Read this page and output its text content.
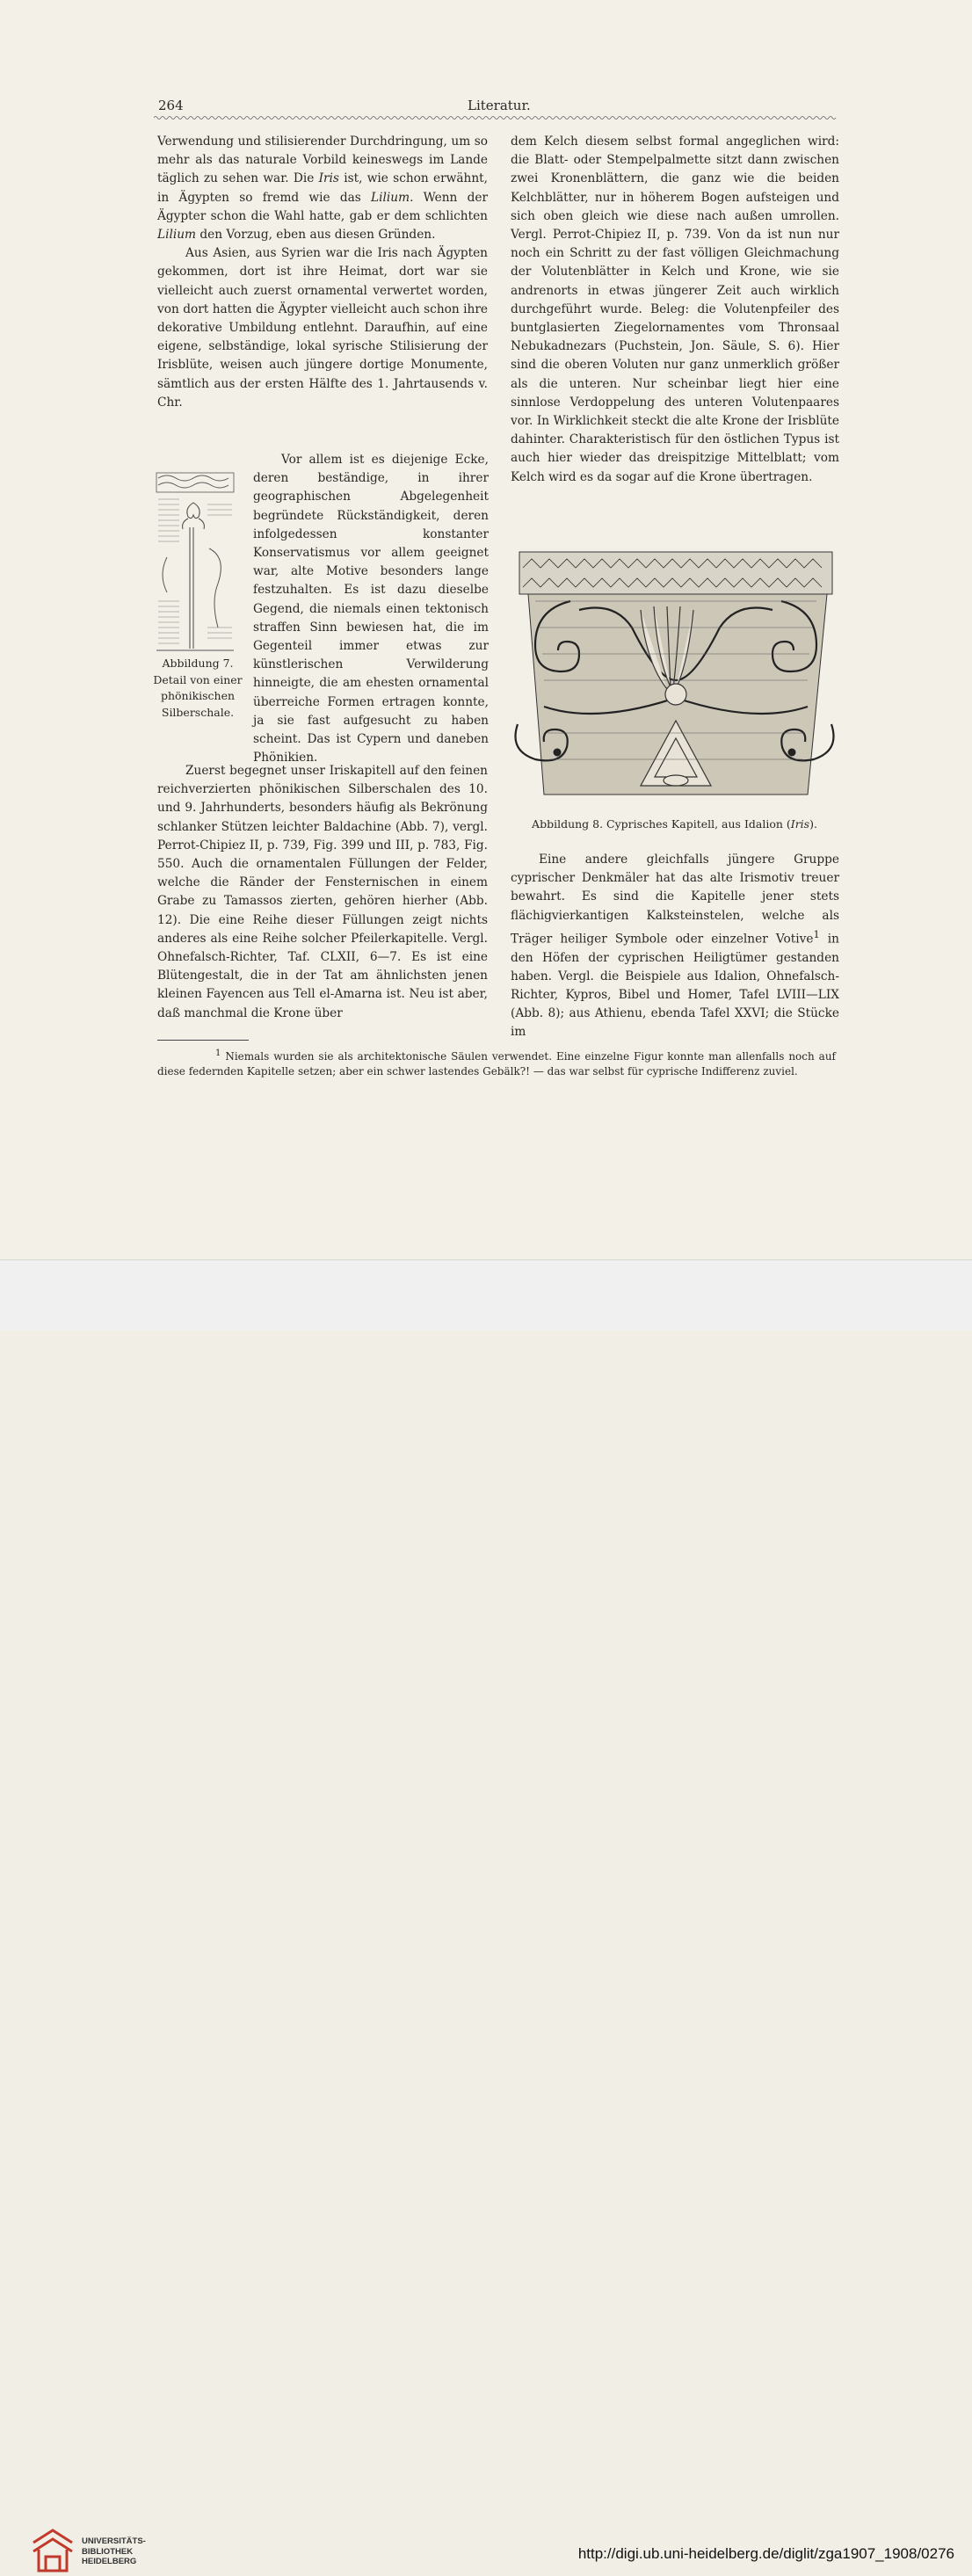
264	Literatur.

Verwendung und stilisierender Durchdringung, um so mehr als das naturale Vorbild keineswegs im Lande täglich zu sehen war. Die Iris ist, wie schon erwähnt, in Ägypten so fremd wie das Lilium. Wenn der Ägypter schon die Wahl hatte, gab er dem schlichten Lilium den Vorzug, eben aus diesen Gründen.

Aus Asien, aus Syrien war die Iris nach Ägypten gekommen, dort ist ihre Heimat, dort war sie vielleicht auch zuerst ornamental verwertet worden, von dort hatten die Ägypter vielleicht auch schon ihre dekorative Umbildung entlehnt. Daraufhin, auf eine eigene, selbständige, lokal syrische Stilisierung der Irisblüte, weisen auch jüngere dortige Monumente, sämtlich aus der ersten Hälfte des 1. Jahrtausends v. Chr.

Abbildung 7. Detail von einer phönikischen Silberschale.

Vor allem ist es diejenige Ecke, deren beständige, in ihrer geographischen Abgelegenheit begründete Rückständigkeit, deren infolgedessen konstanter Konservatismus vor allem geeignet war, alte Motive besonders lange festzuhalten. Es ist dazu dieselbe Gegend, die niemals einen tektonisch straffen Sinn bewiesen hat, die im Gegenteil immer etwas zur künstlerischen Verwilderung hinneigte, die am ehesten ornamental überreiche Formen ertragen konnte, ja sie fast aufgesucht zu haben scheint. Das ist Cypern und daneben Phönikien.

Zuerst begegnet unser Iriskapitell auf den feinen reichverzierten phönikischen Silberschalen des 10. und 9. Jahrhunderts, besonders häufig als Bekrönung schlanker Stützen leichter Baldachine (Abb. 7), vergl. Perrot-Chipiez II, p. 739, Fig. 399 und III, p. 783, Fig. 550. Auch die ornamentalen Füllungen der Felder, welche die Ränder der Fensternischen in einem Grabe zu Tamassos zierten, gehören hierher (Abb. 12). Die eine Reihe dieser Füllungen zeigt nichts anderes als eine Reihe solcher Pfeilerkapitelle. Vergl. Ohnefalsch-Richter, Taf. CLXII, 6—7. Es ist eine Blütengestalt, die in der Tat am ähnlichsten jenen kleinen Fayencen aus Tell el-Amarna ist. Neu ist aber, daß manchmal die Krone über

dem Kelch diesem selbst formal angeglichen wird: die Blatt- oder Stempelpalmette sitzt dann zwischen zwei Kronenblättern, die ganz wie die beiden Kelchblätter, nur in höherem Bogen aufsteigen und sich oben gleich wie diese nach außen umrollen. Vergl. Perrot-Chipiez II, p. 739. Von da ist nun nur noch ein Schritt zu der fast völligen Gleichmachung der Volutenblätter in Kelch und Krone, wie sie andrenorts in etwas jüngerer Zeit auch wirklich durchgeführt wurde. Beleg: die Volutenpfeiler des buntglasierten Ziegelornamentes vom Thronsaal Nebukadnezars (Puchstein, Jon. Säule, S. 6). Hier sind die oberen Voluten nur ganz unmerklich größer als die unteren. Nur scheinbar liegt hier eine sinnlose Verdoppelung des unteren Volutenpaares vor. In Wirklichkeit steckt die alte Krone der Irisblüte dahinter. Charakteristisch für den östlichen Typus ist auch hier wieder das dreispitzige Mittelblatt; vom Kelch wird es da sogar auf die Krone übertragen.

Abbildung 8. Cyprisches Kapitell, aus Idalion (Iris).

Eine andere gleichfalls jüngere Gruppe cyprischer Denkmäler hat das alte Irismotiv treuer bewahrt. Es sind die Kapitelle jener stets flächigvierkantigen Kalksteinstelen, welche als Träger heiliger Symbole oder einzelner Votive$^1$ in den Höfen der cyprischen Heiligtümer gestanden haben. Vergl. die Beispiele aus Idalion, Ohnefalsch-Richter, Kypros, Bibel und Homer, Tafel LVIII—LIX (Abb. 8); aus Athienu, ebenda Tafel XXVI; die Stücke im

$^1$ Niemals wurden sie als architektonische Säulen verwendet. Eine einzelne Figur konnte man allenfalls noch auf diese federnden Kapitelle setzen; aber ein schwer lastendes Gebälk?! — das war selbst für cyprische Indifferenz zuviel.

UNIVERSITÄTS-
BIBLIOTHEK
HEIDELBERG	http://digi.ub.uni-heidelberg.de/diglit/zga1907_1908/0276
